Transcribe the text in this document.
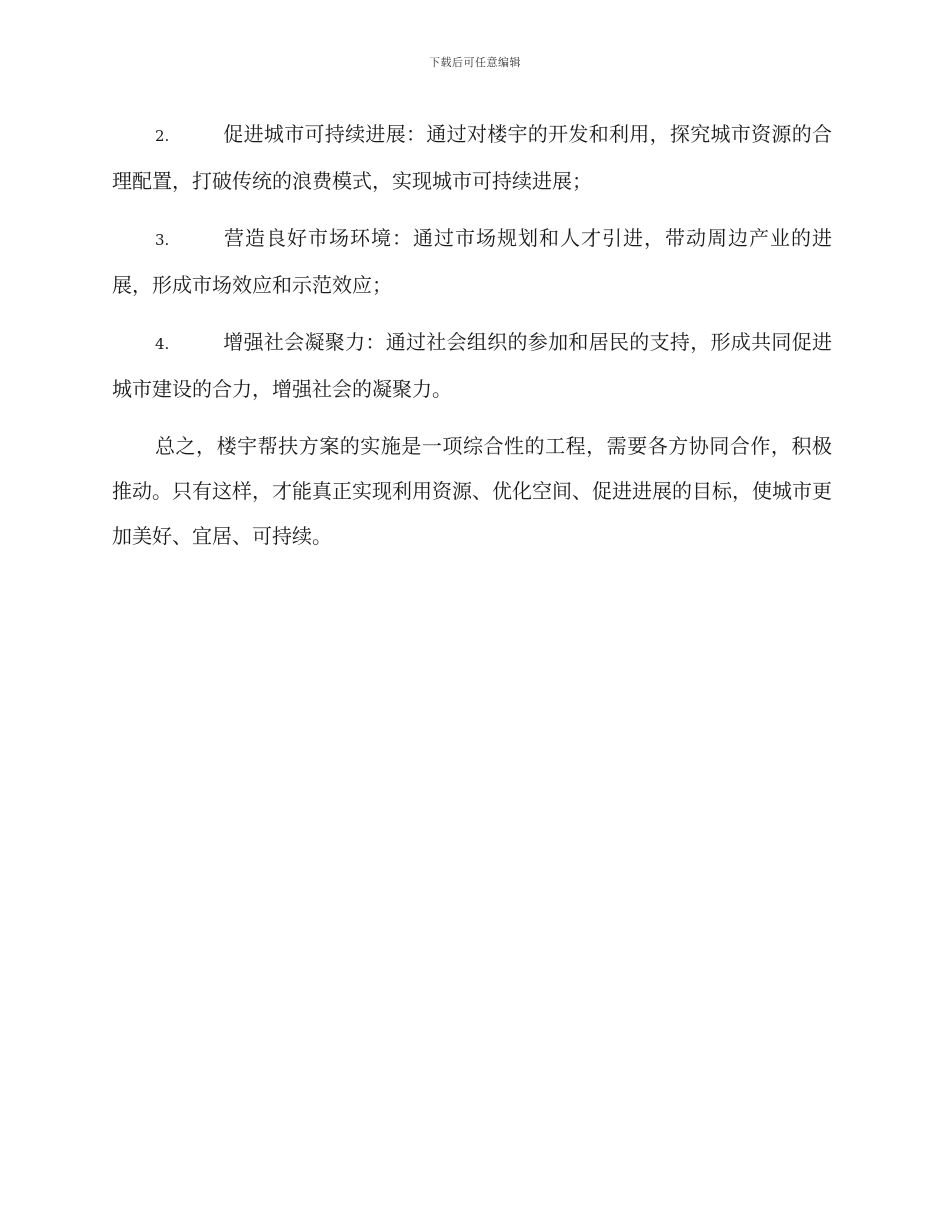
下载后可任意编辑

2.	促进城市可持续进展：通过对楼宇的开发和利用，探究城市资源的合理配置，打破传统的浪费模式，实现城市可持续进展；

3.	营造良好市场环境：通过市场规划和人才引进，带动周边产业的进展，形成市场效应和示范效应；

4.	增强社会凝聚力：通过社会组织的参加和居民的支持，形成共同促进城市建设的合力，增强社会的凝聚力。

总之，楼宇帮扶方案的实施是一项综合性的工程，需要各方协同合作，积极推动。只有这样，才能真正实现利用资源、优化空间、促进进展的目标，使城市更加美好、宜居、可持续。
